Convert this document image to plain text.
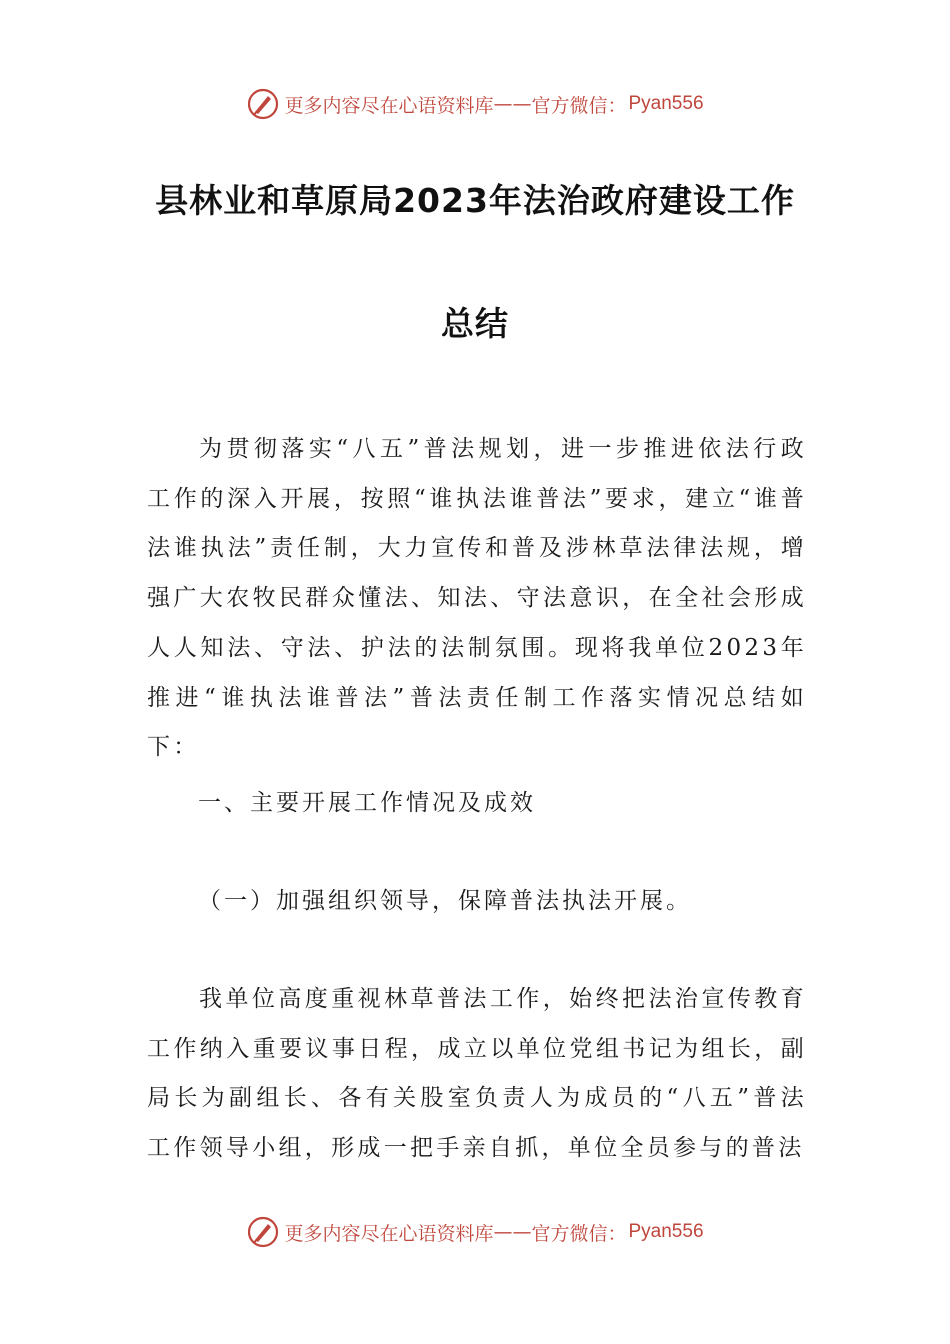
更多内容尽在心语资料库 —— 官方微信： Pyan556
县林业和草原局2023年法治政府建设工作
总结
为贯彻落实“八五”普法规划，进一步推进依法行政工作的深入开展，按照“谁执法谁普法”要求，建立“谁普法谁执法”责任制，大力宣传和普及涉林草法律法规，增强广大农牧民群众懂法、知法、守法意识，在全社会形成人人知法、守法、护法的法制氛围。现将我单位2023年推进“谁执法谁普法”普法责任制工作落实情况总结如下：
一、主要开展工作情况及成效
（一）加强组织领导，保障普法执法开展。
我单位高度重视林草普法工作，始终把法治宣传教育工作纳入重要议事日程，成立以单位党组书记为组长，副局长为副组长、各有关股室负责人为成员的“八五”普法工作领导小组，形成一把手亲自抓，单位全员参与的普法
更多内容尽在心语资料库 —— 官方微信： Pyan556
